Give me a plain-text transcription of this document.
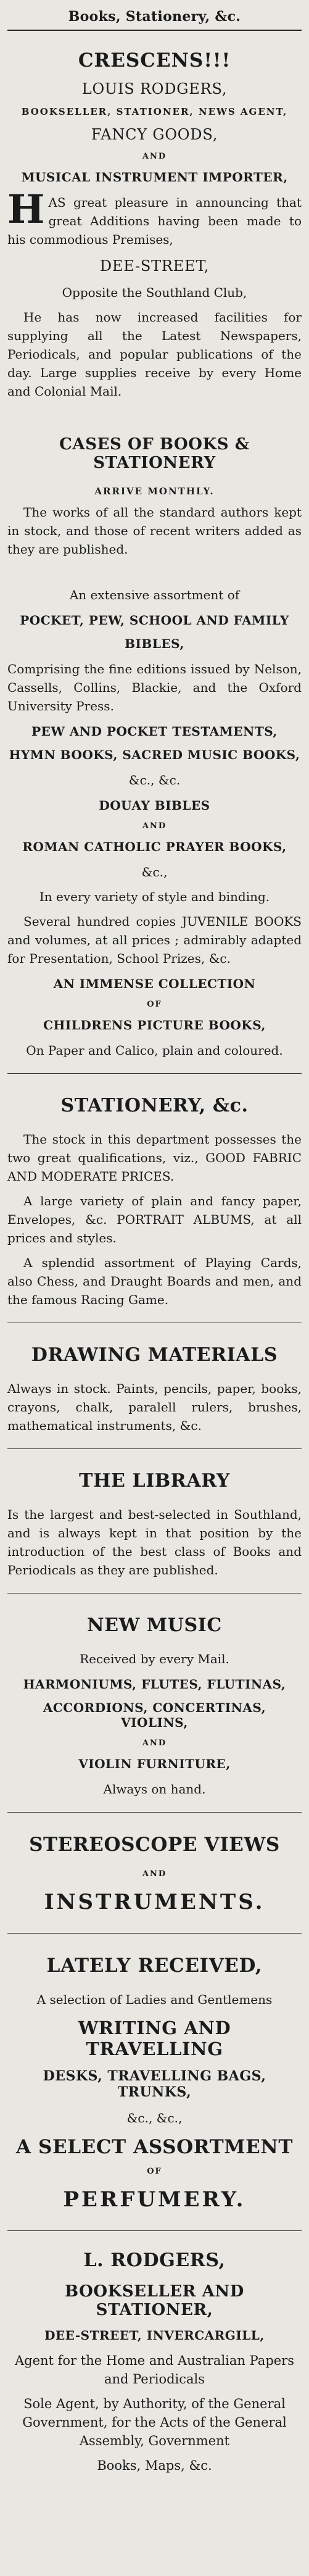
Books, Stationery, &c.
CRESCENS!!!
LOUIS RODGERS,
BOOKSELLER, STATIONER, NEWS AGENT,
FANCY GOODS,
AND
MUSICAL INSTRUMENT IMPORTER,
H AS great pleasure in announcing that great Additions having been made to his commodious Premises,
DEE-STREET,
Opposite the Southland Club,
He has now increased facilities for supplying all the Latest Newspapers, Periodicals, and popular publications of the day. Large supplies receive by every Home and Colonial Mail.
CASES OF BOOKS & STATIONERY
ARRIVE MONTHLY.
The works of all the standard authors kept in stock, and those of recent writers added as they are published.
An extensive assortment of
POCKET, PEW, SCHOOL AND FAMILY
BIBLES,
Comprising the fine editions issued by Nelson, Cassells, Collins, Blackie, and the Oxford University Press.
PEW AND POCKET TESTAMENTS,
HYMN BOOKS, SACRED MUSIC BOOKS,
&c., &c.
DOUAY BIBLES
AND
ROMAN CATHOLIC PRAYER BOOKS,
&c.,
In every variety of style and binding.
Several hundred copies JUVENILE BOOKS and volumes, at all prices ; admirably adapted for Presentation, School Prizes, &c.
AN IMMENSE COLLECTION
OF
CHILDRENS PICTURE BOOKS,
On Paper and Calico, plain and coloured.
STATIONERY, &c.
The stock in this department possesses the two great qualifications, viz., GOOD FABRIC AND MODERATE PRICES.
A large variety of plain and fancy paper, Envelopes, &c. PORTRAIT ALBUMS, at all prices and styles.
A splendid assortment of Playing Cards, also Chess, and Draught Boards and men, and the famous Racing Game.
DRAWING MATERIALS
Always in stock. Paints, pencils, paper, books, crayons, chalk, paralell rulers, brushes, mathematical instruments, &c.
THE LIBRARY
Is the largest and best-selected in Southland, and is always kept in that position by the introduction of the best class of Books and Periodicals as they are published.
NEW MUSIC
Received by every Mail.
HARMONIUMS, FLUTES, FLUTINAS,
ACCORDIONS, CONCERTINAS, VIOLINS,
AND
VIOLIN FURNITURE,
Always on hand.
STEREOSCOPE VIEWS
AND
INSTRUMENTS.
LATELY RECEIVED,
A selection of Ladies and Gentlemens
WRITING AND TRAVELLING
DESKS, TRAVELLING BAGS, TRUNKS,
&c., &c.,
A SELECT ASSORTMENT
OF
PERFUMERY.
L. RODGERS,
BOOKSELLER AND STATIONER,
DEE-STREET, INVERCARGILL,
Agent for the Home and Australian Papers and Periodicals
Sole Agent, by Authority, of the General Government, for the Acts of the General Assembly, Government
Books, Maps, &c.
